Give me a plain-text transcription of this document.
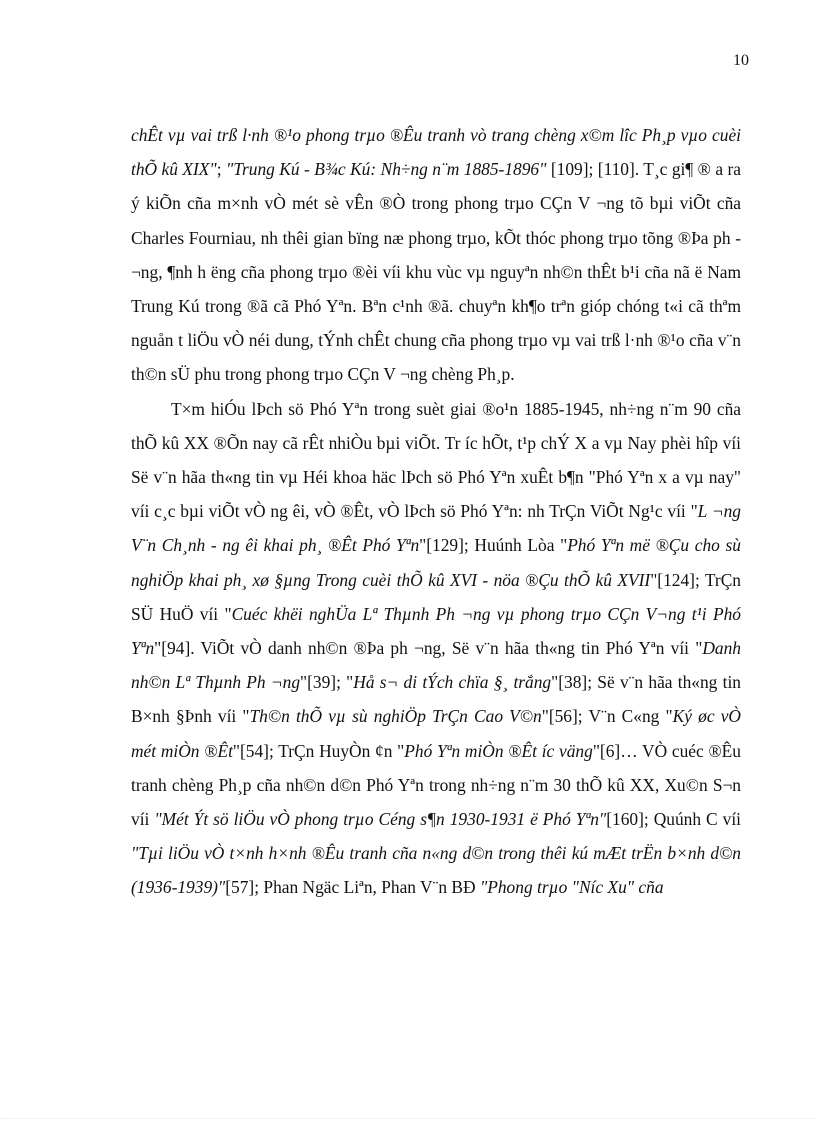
10

chÊt vµ vai trß l·nh ®¹o phong trµo ®Êu tranh vò trang chèng x©m lîc Ph¸p vµo cuèi thÕ kû XIX"; "Trung Kú - B¾c Kú: Nh÷ng n¨m 1885-1896" [109]; [110]. T¸c gi¶ ® a ra ý kiÕn cña m×nh vÒ mét sè vÊn ®Ò trong phong trµo CÇn V ¬ng tõ bµi viÕt cña Charles Fourniau, nh thêi gian bïng næ phong trµo, kÕt thóc phong trµo tõng ®Þa ph ¬ng, ¶nh h ëng cña phong trµo ®èi víi khu vùc vµ nguyªn nh©n thÊt b¹i cña nã ë Nam Trung Kú trong ®ã cã Phó Yªn. Bªn c¹nh ®ã. chuyªn kh¶o trªn gióp chóng t«i cã thªm nguån t liÖu vÒ néi dung, tÝnh chÊt chung cña phong trµo vµ vai trß l·nh ®¹o cña v¨n th©n sÜ phu trong phong trµo CÇn V ¬ng chèng Ph¸p.

T×m hiÓu lÞch sö Phó Yªn trong suèt giai ®o¹n 1885-1945, nh÷ng n¨m 90 cña thÕ kû XX ®Õn nay cã rÊt nhiÒu bµi viÕt. Tr íc hÕt, t¹p chÝ X a vµ Nay phèi hîp víi Së v¨n hãa th«ng tin vµ Héi khoa häc lÞch sö Phó Yªn xuÊt b¶n "Phó Yªn x a vµ nay" víi c¸c bµi viÕt vÒ ng êi, vÒ ®Êt, vÒ lÞch sö Phó Yªn: nh TrÇn ViÕt Ng¹c víi "L ¬ng V¨n Ch¸nh - ng êi khai ph¸ ®Êt Phó Yªn"[129]; Huúnh Lòa "Phó Yªn më ®Çu cho sù nghiÖp khai ph¸ xø §µng Trong cuèi thÕ kû XVI - nöa ®Çu thÕ kû XVII"[124]; TrÇn SÜ HuÖ víi "Cuéc khëi nghÜa Lª Thµnh Ph ¬ng vµ phong trµo CÇn V¬ng t¹i Phó Yªn"[94]. ViÕt vÒ danh nh©n ®Þa ph ¬ng, Së v¨n hãa th«ng tin Phó Yªn víi "Danh nh©n Lª Thµnh Ph ¬ng"[39]; "Hå s¬ di tÝch chïa §¸ trắng"[38]; Së v¨n hãa th«ng tin B×nh §Þnh víi "Th©n thÕ vµ sù nghiÖp TrÇn Cao V©n"[56]; V¨n C«ng "Ký øc vÒ mét miÒn ®Êt"[54]; TrÇn HuyÒn ¢n "Phó Yªn miÒn ®Êt íc väng"[6]… VÒ cuéc ®Êu tranh chèng Ph¸p cña nh©n d©n Phó Yªn trong nh÷ng n¨m 30 thÕ kû XX, Xu©n S¬n víi "Mét Ýt sö liÖu vÒ phong trµo Céng s¶n 1930-1931 ë Phó Yªn"[160]; Quúnh C víi "Tµi liÖu vÒ t×nh h×nh ®Êu tranh cña n«ng d©n trong thêi kú mÆt trËn b×nh d©n (1936-1939)"[57]; Phan Ngäc Liªn, Phan V¨n BÐ "Phong trµo "Níc Xu" cña
